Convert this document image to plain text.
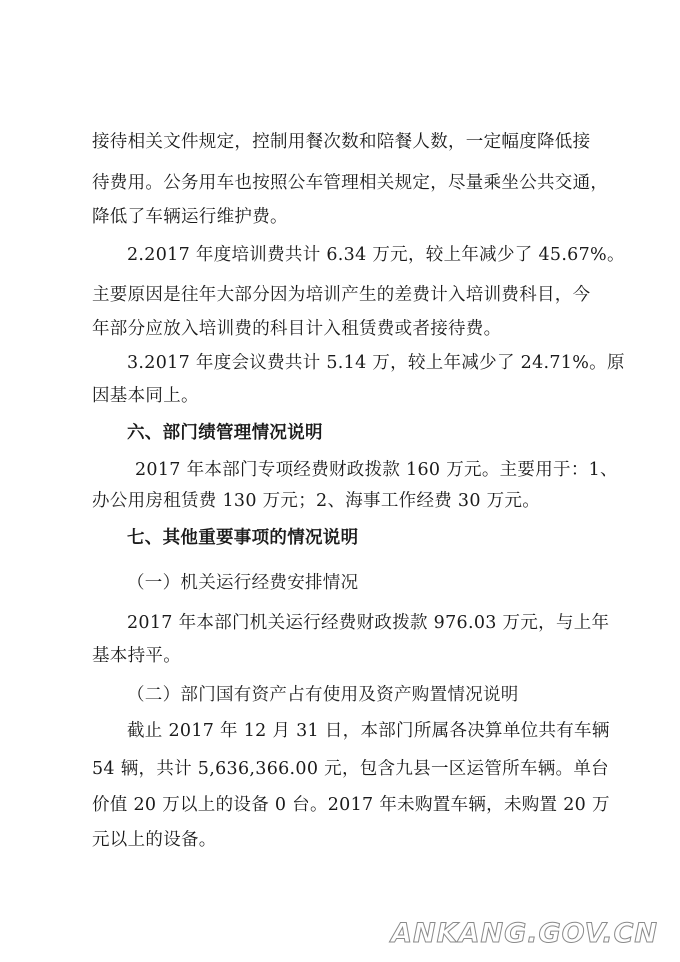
接待相关文件规定，控制用餐次数和陪餐人数，一定幅度降低接
待费用。公务用车也按照公车管理相关规定，尽量乘坐公共交通，
降低了车辆运行维护费。
2.2017 年度培训费共计 6.34 万元，较上年减少了 45.67%。
主要原因是往年大部分因为培训产生的差费计入培训费科目，今
年部分应放入培训费的科目计入租赁费或者接待费。
3.2017 年度会议费共计 5.14 万，较上年减少了 24.71%。原
因基本同上。
六、部门绩管理情况说明
2017 年本部门专项经费财政拨款 160 万元。主要用于：1、
办公用房租赁费 130 万元；2、海事工作经费 30 万元。
七、其他重要事项的情况说明
（一）机关运行经费安排情况
2017 年本部门机关运行经费财政拨款 976.03 万元，与上年
基本持平。
（二）部门国有资产占有使用及资产购置情况说明
截止 2017 年 12 月 31 日，本部门所属各决算单位共有车辆
54 辆，共计 5,636,366.00 元，包含九县一区运管所车辆。单台
价值 20 万以上的设备 0 台。2017 年未购置车辆，未购置 20 万
元以上的设备。
ANKANG.GOV.CN
